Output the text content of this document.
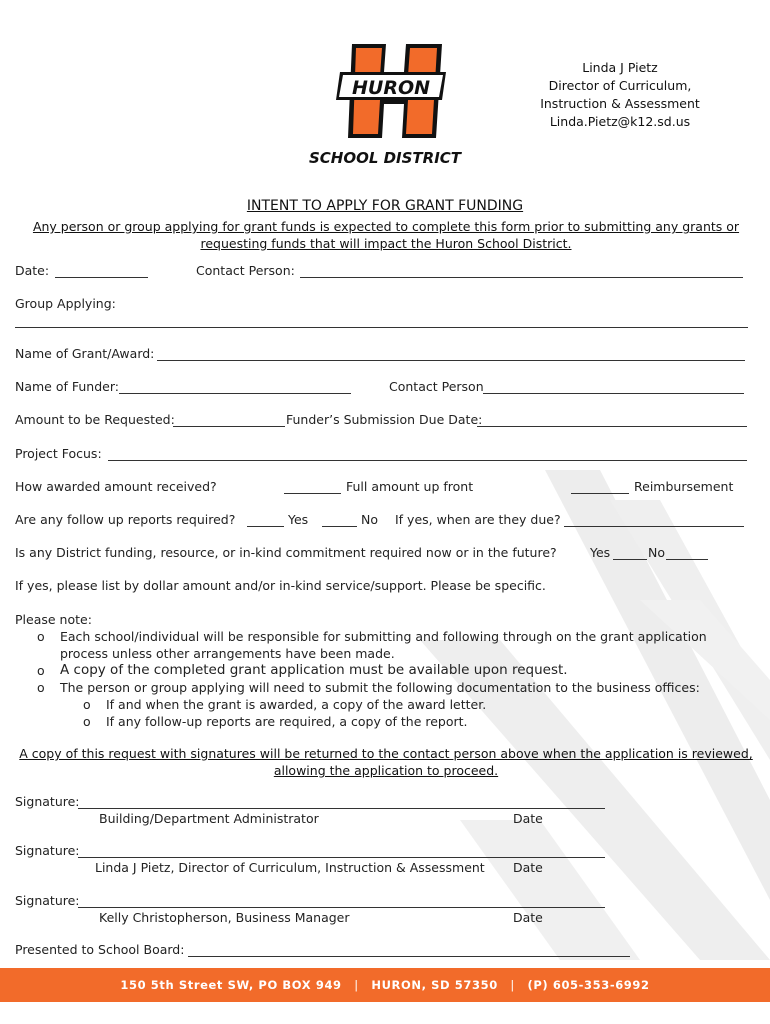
HURON
SCHOOL DISTRICT
Linda J Pietz
Director of Curriculum,
Instruction & Assessment
Linda.Pietz@k12.sd.us
INTENT TO APPLY FOR GRANT FUNDING
Any person or group applying for grant funds is expected to complete this form prior to submitting any grants or requesting funds that will impact the Huron School District.
Date:	Contact Person:
Group Applying:
Name of Grant/Award:
Name of Funder:	Contact Person
Amount to be Requested:	Funder’s Submission Due Date:
Project Focus:
How awarded amount received?	Full amount up front	Reimbursement
Are any follow up reports required?	Yes	No If yes, when are they due?
Is any District funding, resource, or in-kind commitment required now or in the future?	Yes	No
If yes, please list by dollar amount and/or in-kind service/support. Please be specific.
Please note:
o Each school/individual will be responsible for submitting and following through on the grant application process unless other arrangements have been made.
o A copy of the completed grant application must be available upon request.
o The person or group applying will need to submit the following documentation to the business offices:
o If and when the grant is awarded, a copy of the award letter.
o If any follow-up reports are required, a copy of the report.
A copy of this request with signatures will be returned to the contact person above when the application is reviewed, allowing the application to proceed.
Signature:
Building/Department Administrator	Date
Signature:
Linda J Pietz, Director of Curriculum, Instruction & Assessment Date
Signature:
Kelly Christopherson, Business Manager	Date
Presented to School Board:
150 5th Street SW, PO BOX 949 | HURON, SD 57350 | (P) 605-353-6992
